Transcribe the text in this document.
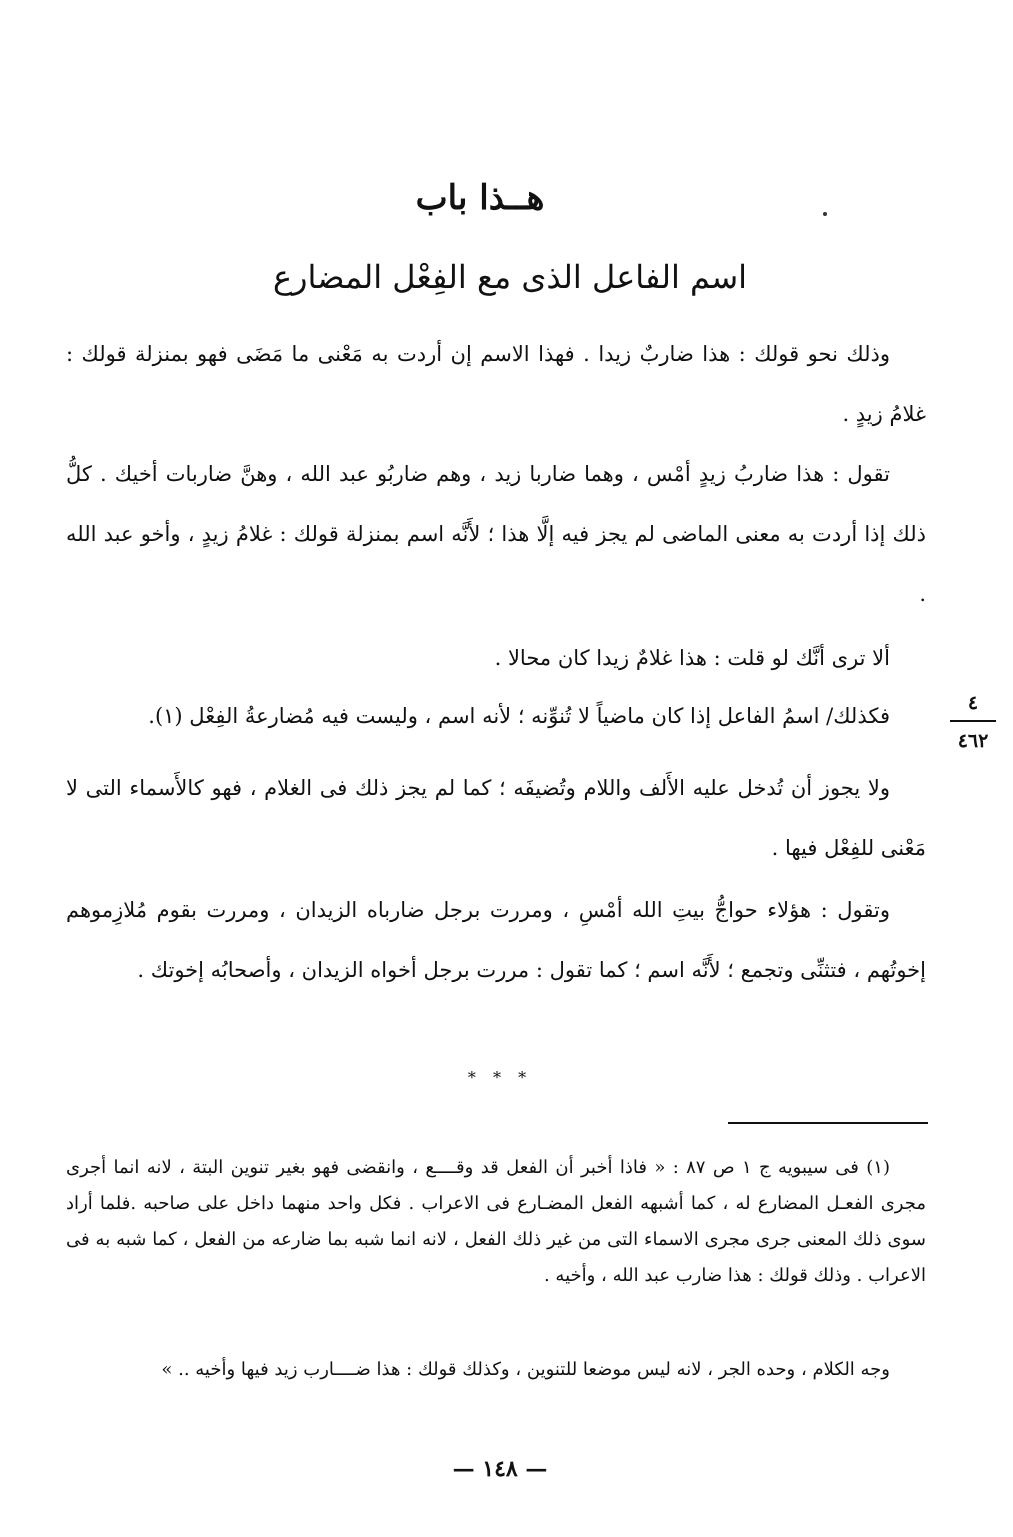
هــذا باب
اسم الفاعل الذى مع الفِعْل المضارع
وذلك نحو قولك : هذا ضاربٌ زيدا . فهذا الاسم إن أردت به مَعْنى ما مَضَى فهو بمنزلة قولك : غلامُ زيدٍ .
تقول : هذا ضاربُ زيدٍ أمْس ، وهما ضاربا زيد ، وهم ضاربُو عبد الله ، وهنَّ ضاربات أخيك . كلُّ ذلك إذا أردت به معنى الماضى لم يجز فيه إلَّا هذا ؛ لأَنَّه اسم بمنزلة قولك : غلامُ زيدٍ ، وأخو عبد الله .
ألا ترى أنَّك لو قلت : هذا غلامٌ زيدا كان محالا .
فكذلك/ اسمُ الفاعل إذا كان ماضياً لا تُنوِّنه ؛ لأنه اسم ، وليست فيه مُضارعةُ الفِعْل (١).
ولا يجوز أن تُدخل عليه الأَلف واللام وتُضيفَه ؛ كما لم يجز ذلك فى الغلام ، فهو كالأَسماء التى لا مَعْنى للفِعْل فيها .
وتقول : هؤلاء حواجُّ بيتِ الله أمْسِ ، ومررت برجل ضارباه الزيدان ، ومررت بقوم مُلازِموهم إخوتُهم ، فتثنِّى وتجمع ؛ لأَنَّه اسم ؛ كما تقول : مررت برجل أخواه الزيدان ، وأصحابُه إخوتك .
٤
٤٦٢
* * *
(١) فى سيبويه ج ١ ص ٨٧ : « فاذا أخبر أن الفعل قد وقــــع ، وانقضى فهو بغير تنوين البتة ، لانه انما أجرى مجرى الفعـل المضارع له ، كما أشبهه الفعل المضـارع فى الاعراب . فكل واحد منهما داخل على صاحبه .فلما أراد سوى ذلك المعنى جرى مجرى الاسماء التى من غير ذلك الفعل ، لانه انما شبه بما ضارعه من الفعل ، كما شبه به فى الاعراب . وذلك قولك : هذا ضارب عبد الله ، وأخيه .
وجه الكلام ، وحده الجر ، لانه ليس موضعا للتنوين ، وكذلك قولك : هذا ضــــارب زيد فيها وأخيه .. »
— ١٤٨ —
